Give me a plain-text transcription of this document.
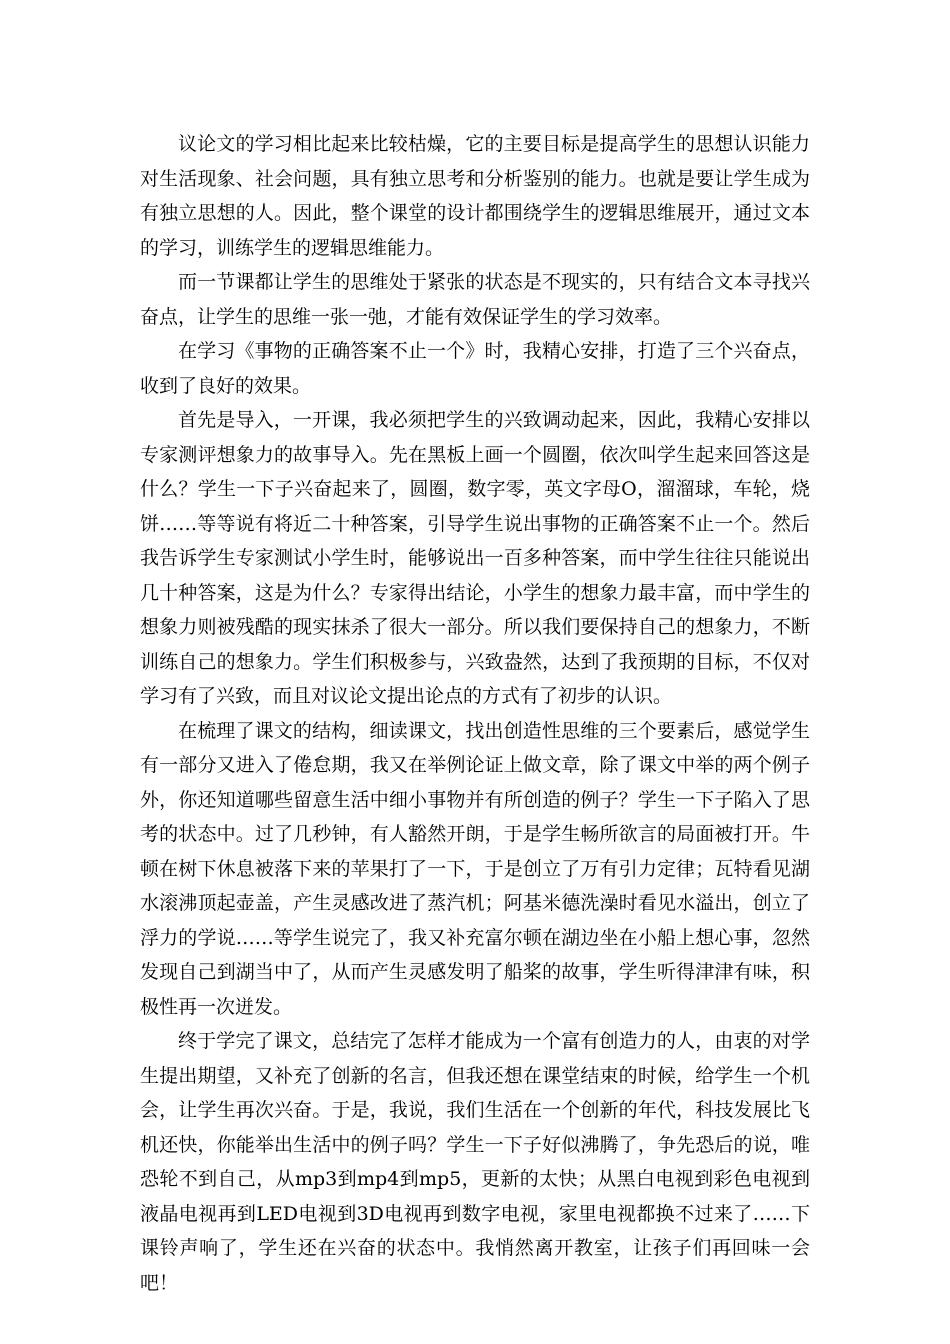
议论文的学习相比起来比较枯燥，它的主要目标是提高学生的思想认识能力对生活现象、社会问题，具有独立思考和分析鉴别的能力。也就是要让学生成为有独立思想的人。因此，整个课堂的设计都围绕学生的逻辑思维展开，通过文本的学习，训练学生的逻辑思维能力。

而一节课都让学生的思维处于紧张的状态是不现实的，只有结合文本寻找兴奋点，让学生的思维一张一弛，才能有效保证学生的学习效率。

在学习《事物的正确答案不止一个》时，我精心安排，打造了三个兴奋点，收到了良好的效果。

首先是导入，一开课，我必须把学生的兴致调动起来，因此，我精心安排以专家测评想象力的故事导入。先在黑板上画一个圆圈，依次叫学生起来回答这是什么？学生一下子兴奋起来了，圆圈，数字零，英文字母O，溜溜球，车轮，烧饼……等等说有将近二十种答案，引导学生说出事物的正确答案不止一个。然后我告诉学生专家测试小学生时，能够说出一百多种答案，而中学生往往只能说出几十种答案，这是为什么？专家得出结论，小学生的想象力最丰富，而中学生的想象力则被残酷的现实抹杀了很大一部分。所以我们要保持自己的想象力，不断训练自己的想象力。学生们积极参与，兴致盎然，达到了我预期的目标，不仅对学习有了兴致，而且对议论文提出论点的方式有了初步的认识。

在梳理了课文的结构，细读课文，找出创造性思维的三个要素后，感觉学生有一部分又进入了倦怠期，我又在举例论证上做文章，除了课文中举的两个例子外，你还知道哪些留意生活中细小事物并有所创造的例子？学生一下子陷入了思考的状态中。过了几秒钟，有人豁然开朗，于是学生畅所欲言的局面被打开。牛顿在树下休息被落下来的苹果打了一下，于是创立了万有引力定律；瓦特看见湖水滚沸顶起壶盖，产生灵感改进了蒸汽机；阿基米德洗澡时看见水溢出，创立了浮力的学说……等学生说完了，我又补充富尔顿在湖边坐在小船上想心事，忽然发现自己到湖当中了，从而产生灵感发明了船桨的故事，学生听得津津有味，积极性再一次迸发。

终于学完了课文，总结完了怎样才能成为一个富有创造力的人，由衷的对学生提出期望，又补充了创新的名言，但我还想在课堂结束的时候，给学生一个机会，让学生再次兴奋。于是，我说，我们生活在一个创新的年代，科技发展比飞机还快，你能举出生活中的例子吗？学生一下子好似沸腾了，争先恐后的说，唯恐轮不到自己，从mp3到mp4到mp5，更新的太快；从黑白电视到彩色电视到液晶电视再到LED电视到3D电视再到数字电视，家里电视都换不过来了……下课铃声响了，学生还在兴奋的状态中。我悄然离开教室，让孩子们再回味一会吧！
